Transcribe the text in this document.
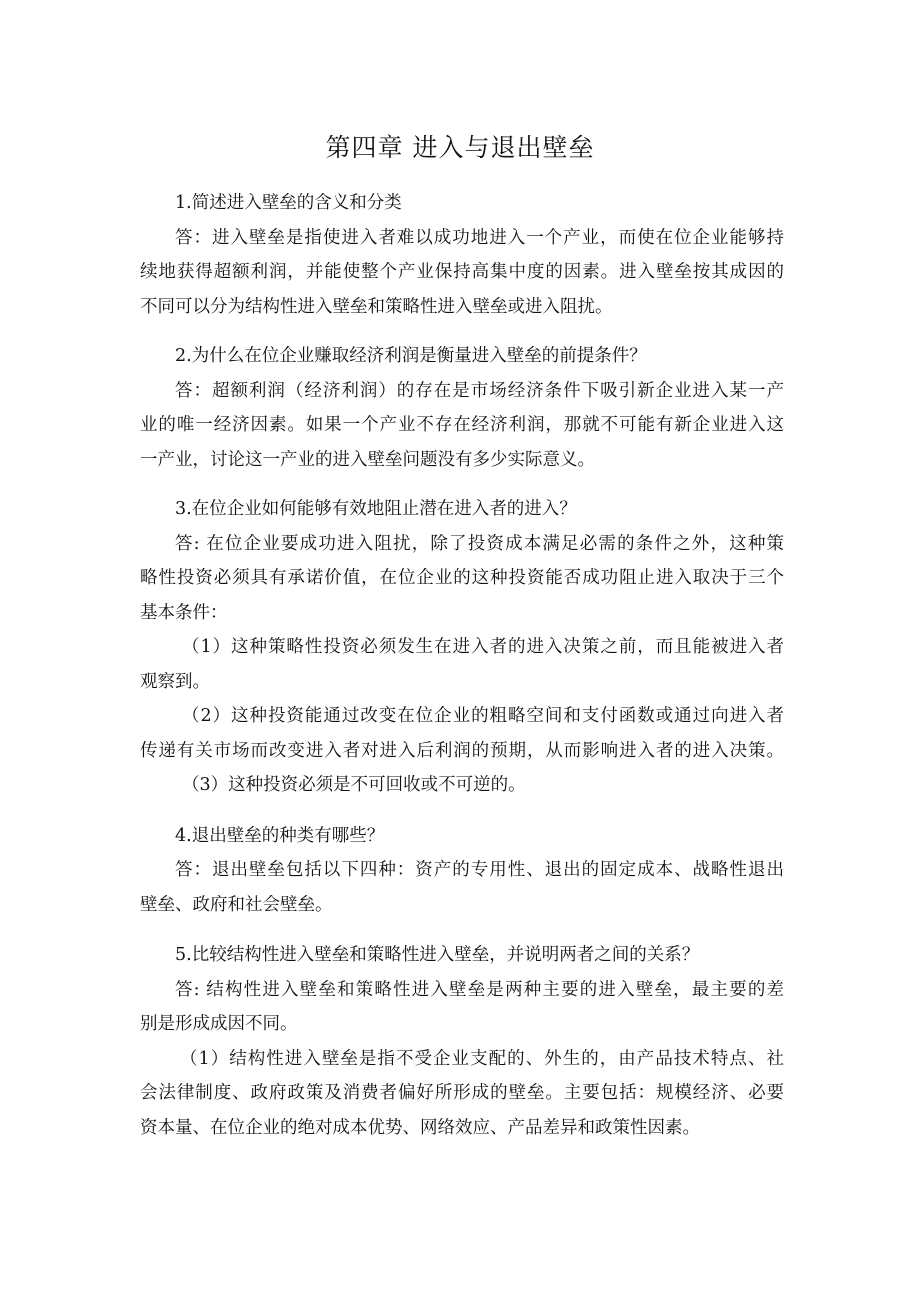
第四章 进入与退出壁垒
1.简述进入壁垒的含义和分类
答：进入壁垒是指使进入者难以成功地进入一个产业，而使在位企业能够持
续地获得超额利润，并能使整个产业保持高集中度的因素。进入壁垒按其成因的
不同可以分为结构性进入壁垒和策略性进入壁垒或进入阻扰。
2.为什么在位企业赚取经济利润是衡量进入壁垒的前提条件？
答：超额利润（经济利润）的存在是市场经济条件下吸引新企业进入某一产
业的唯一经济因素。如果一个产业不存在经济利润，那就不可能有新企业进入这
一产业，讨论这一产业的进入壁垒问题没有多少实际意义。
3.在位企业如何能够有效地阻止潜在进入者的进入？
答: 在位企业要成功进入阻扰，除了投资成本满足必需的条件之外，这种策
略性投资必须具有承诺价值，在位企业的这种投资能否成功阻止进入取决于三个
基本条件：
（1）这种策略性投资必须发生在进入者的进入决策之前，而且能被进入者
观察到。
（2）这种投资能通过改变在位企业的粗略空间和支付函数或通过向进入者
传递有关市场而改变进入者对进入后利润的预期，从而影响进入者的进入决策。
（3）这种投资必须是不可回收或不可逆的。
4.退出壁垒的种类有哪些？
答：退出壁垒包括以下四种：资产的专用性、退出的固定成本、战略性退出
壁垒、政府和社会壁垒。
5.比较结构性进入壁垒和策略性进入壁垒，并说明两者之间的关系？
答: 结构性进入壁垒和策略性进入壁垒是两种主要的进入壁垒，最主要的差
别是形成成因不同。
（1）结构性进入壁垒是指不受企业支配的、外生的，由产品技术特点、社
会法律制度、政府政策及消费者偏好所形成的壁垒。主要包括：规模经济、必要
资本量、在位企业的绝对成本优势、网络效应、产品差异和政策性因素。
